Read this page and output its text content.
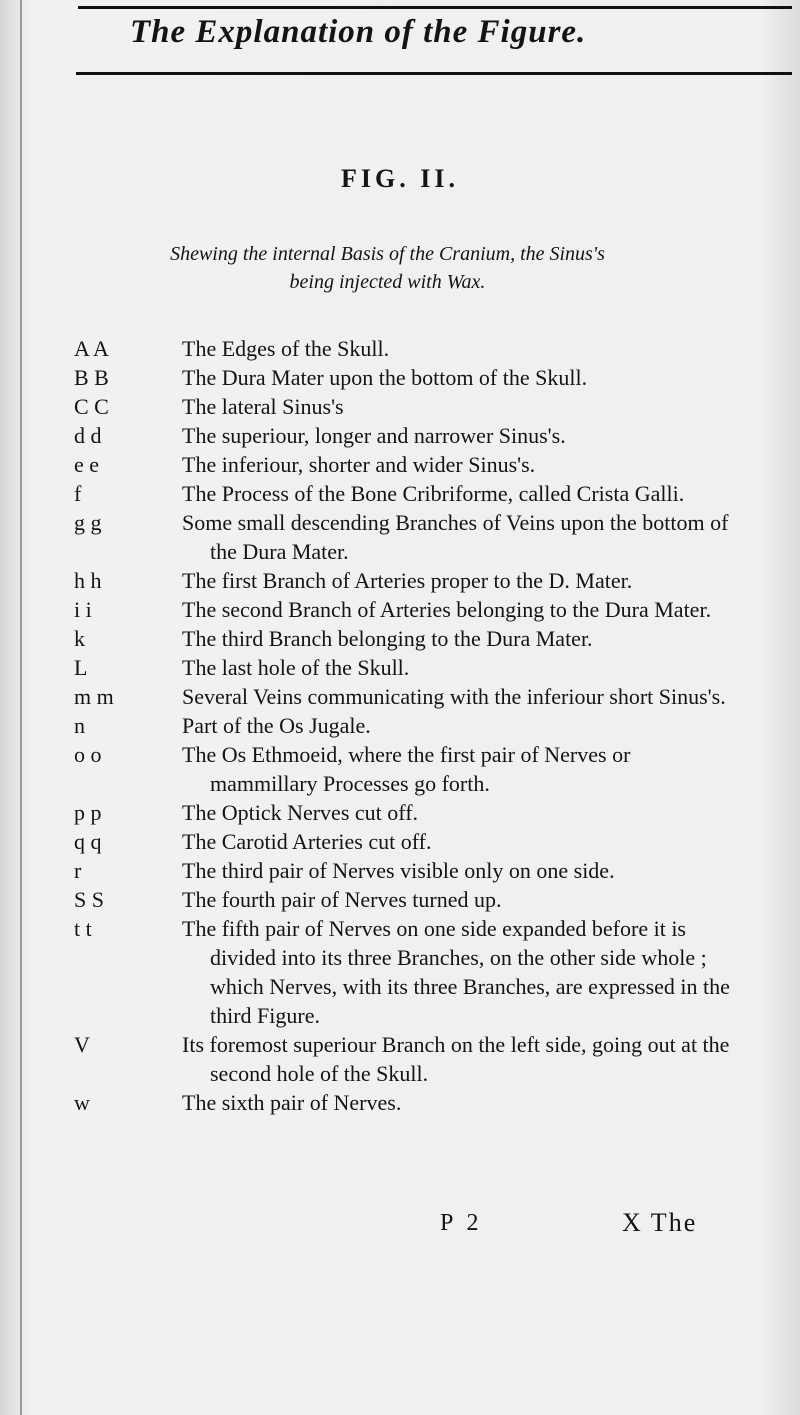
The Explanation of the Figure.
FIG. II.
Shewing the internal Basis of the Cranium, the Sinus's
being injected with Wax.
A A	The Edges of the Skull.
B B	The Dura Mater upon the bottom of the Skull.
C C	The lateral Sinus's
d d	The superiour, longer and narrower Sinus's.
e e	The inferiour, shorter and wider Sinus's.
f	The Process of the Bone Cribriforme, called Crista Galli.
g g	Some small descending Branches of Veins upon the bottom of the Dura Mater.
h h	The first Branch of Arteries proper to the D. Mater.
i i	The second Branch of Arteries belonging to the Dura Mater.
k	The third Branch belonging to the Dura Mater.
L	The last hole of the Skull.
m m	Several Veins communicating with the inferiour short Sinus's.
n	Part of the Os Jugale.
o o	The Os Ethmoeid, where the first pair of Nerves or mammillary Processes go forth.
p p	The Optick Nerves cut off.
q q	The Carotid Arteries cut off.
r	The third pair of Nerves visible only on one side.
S S	The fourth pair of Nerves turned up.
t t	The fifth pair of Nerves on one side expanded before it is divided into its three Branches, on the other side whole ; which Nerves, with its three Branches, are expressed in the third Figure.
V	Its foremost superiour Branch on the left side, going out at the second hole of the Skull.
w	The sixth pair of Nerves.
P 2	X The
